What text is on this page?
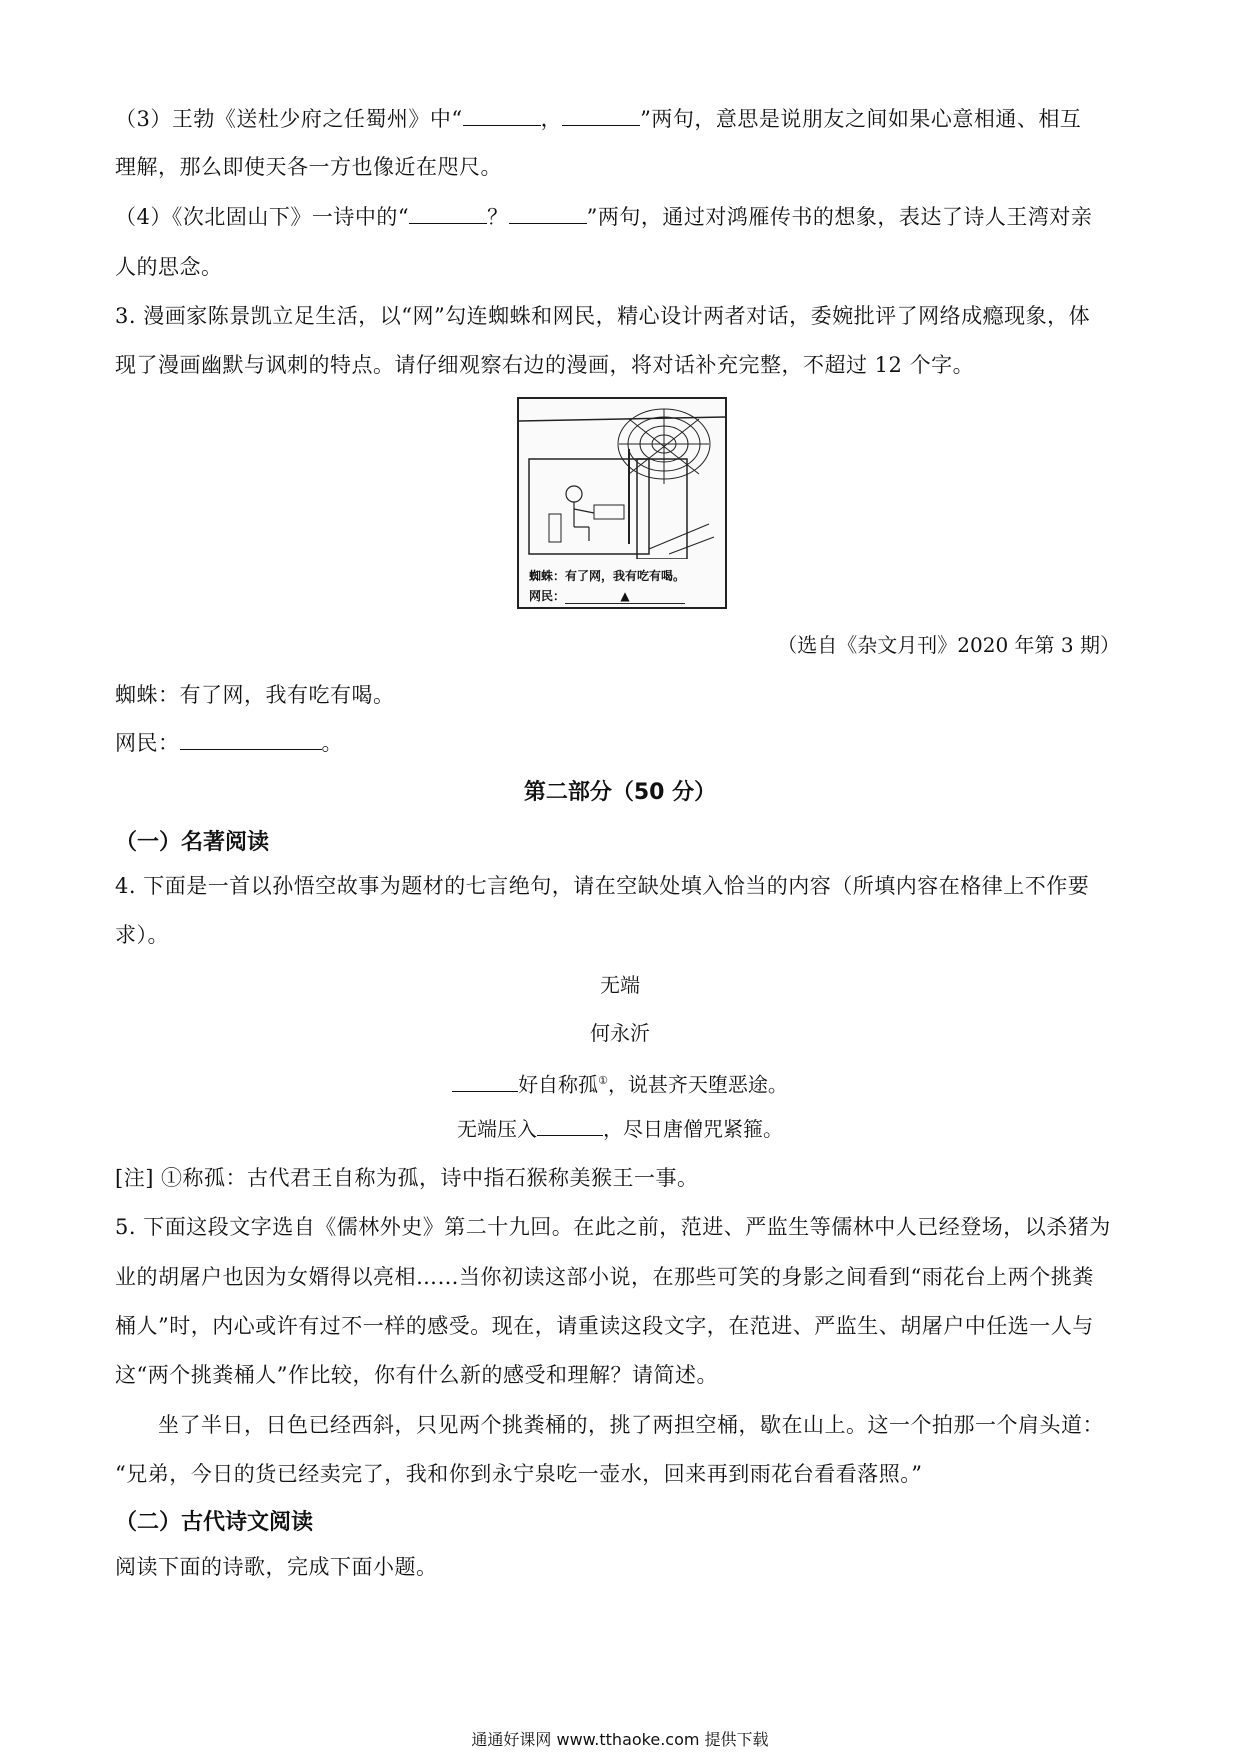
（3）王勃《送杜少府之任蜀州》中“	，	”两句，意思是说朋友之间如果心意相通、相互
理解，那么即使天各一方也像近在咫尺。
（4）《次北固山下》一诗中的“	？	”两句，通过对鸿雁传书的想象，表达了诗人王湾对亲
人的思念。
3. 漫画家陈景凯立足生活，以“网”勾连蜘蛛和网民，精心设计两者对话，委婉批评了网络成瘾现象，体
现了漫画幽默与讽刺的特点。请仔细观察右边的漫画，将对话补充完整，不超过 12 个字。
蜘蛛：有了网，我有吃有喝。
网民：	▲
（选自《杂文月刊》2020 年第 3 期）
蜘蛛：有了网，我有吃有喝。
网民：	。
第二部分（50 分）
（一）名著阅读
4. 下面是一首以孙悟空故事为题材的七言绝句，请在空缺处填入恰当的内容（所填内容在格律上不作要
求）。
无端
何永沂
好自称孤①，说甚齐天堕恶途。
无端压入	，尽日唐僧咒紧箍。
[注] ①称孤：古代君王自称为孤，诗中指石猴称美猴王一事。
5. 下面这段文字选自《儒林外史》第二十九回。在此之前，范进、严监生等儒林中人已经登场，以杀猪为
业的胡屠户也因为女婿得以亮相……当你初读这部小说，在那些可笑的身影之间看到“雨花台上两个挑粪
桶人”时，内心或许有过不一样的感受。现在，请重读这段文字，在范进、严监生、胡屠户中任选一人与
这“两个挑粪桶人”作比较，你有什么新的感受和理解？请简述。
坐了半日，日色已经西斜，只见两个挑粪桶的，挑了两担空桶，歇在山上。这一个拍那一个肩头道：
“兄弟，今日的货已经卖完了，我和你到永宁泉吃一壶水，回来再到雨花台看看落照。”
（二）古代诗文阅读
阅读下面的诗歌，完成下面小题。
通通好课网 www.tthaoke.com 提供下载
